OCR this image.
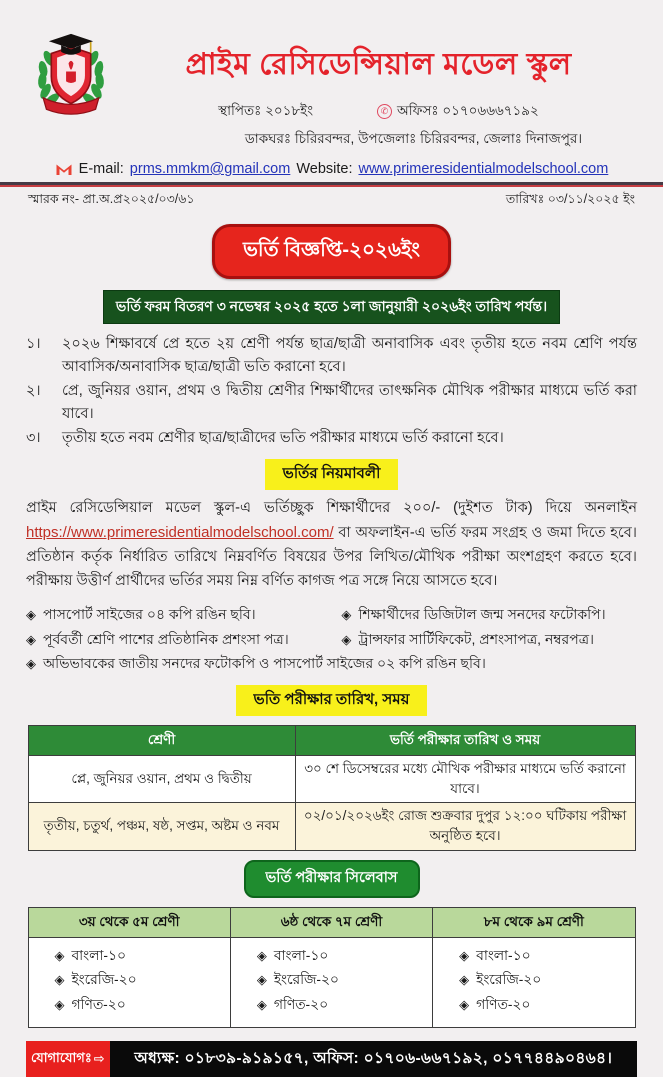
প্রাইম রেসিডেন্সিয়াল মডেল স্কুল
স্থাপিতঃ ২০১৮ইং	✆ অফিসঃ ০১৭০৬৬৬৭১৯২
ডাকঘরঃ চিরিরবন্দর, উপজেলাঃ চিরিরবন্দর, জেলাঃ দিনাজপুর।
E-mail: prms.mmkm@gmail.com Website: www.primeresidentialmodelschool.com
স্মারক নং- প্রা.অ.প্র২০২৫/০৩/৬১	তারিখঃ ০৩/১১/২০২৫ ইং
ভর্তি বিজ্ঞপ্তি-২০২৬ইং
ভর্তি ফরম বিতরণ ৩ নভেম্বর ২০২৫ হতে ১লা জানুয়ারী ২০২৬ইং তারিখ পর্যন্ত।
১।	২০২৬ শিক্ষাবর্ষে প্রে হতে ২য় শ্রেণী পর্যন্ত ছাত্র/ছাত্রী অনাবাসিক এবং তৃতীয় হতে নবম শ্রেণি পর্যন্ত আবাসিক/অনাবাসিক ছাত্র/ছাত্রী ভতি করানো হবে।
২।	প্রে, জুনিয়র ওয়ান, প্রথম ও দ্বিতীয় শ্রেণীর শিক্ষার্থীদের তাৎক্ষনিক মৌখিক পরীক্ষার মাধ্যমে ভর্তি করা যাবে।
৩।	তৃতীয় হতে নবম শ্রেণীর ছাত্র/ছাত্রীদের ভতি পরীক্ষার মাধ্যমে ভর্তি করানো হবে।
ভর্তির নিয়মাবলী
প্রাইম রেসিডেন্সিয়াল মডেল স্কুল-এ ভর্তিচ্ছুক শিক্ষার্থীদের ২০০/- (দুইশত টাক) দিয়ে অনলাইন https://www.primeresidentialmodelschool.com/ বা অফলাইন-এ ভর্তি ফরম সংগ্রহ ও জমা দিতে হবে। প্রতিষ্ঠান কর্তৃক নির্ধারিত তারিখে নিম্নবর্ণিত বিষয়ের উপর লিখিত/মৌখিক পরীক্ষা অংশগ্রহণ করতে হবে। পরীক্ষায় উত্তীর্ণ প্রার্থীদের ভর্তির সময় নিম্ন বর্ণিত কাগজ পত্র সঙ্গে নিয়ে আসতে হবে।
◈ পাসপোর্ট সাইজের ০৪ কপি রঙিন ছবি।	◈ শিক্ষার্থীদের ডিজিটাল জন্ম সনদের ফটোকপি।
◈ পূর্ববর্তী শ্রেণি পাশের প্রতিষ্ঠানিক প্রশংসা পত্র।	◈ ট্রান্সফার সার্টিফিকেট, প্রশংসাপত্র, নম্বরপত্র।
◈ অভিভাবকের জাতীয় সনদের ফটোকপি ও পাসপোর্ট সাইজের ০২ কপি রঙিন ছবি।
ভতি পরীক্ষার তারিখ, সময়
শ্রেণী	ভর্তি পরীক্ষার তারিখ ও সময়
প্লে, জুনিয়র ওয়ান, প্রথম ও দ্বিতীয়	৩০ শে ডিসেম্বরের মধ্যে মৌখিক পরীক্ষার মাধ্যমে ভর্তি করানো যাবে।
তৃতীয়, চতুর্থ, পঞ্চম, ষষ্ঠ, সপ্তম, অষ্টম ও নবম	০২/০১/২০২৬ইং রোজ শুক্রবার দুপুর ১২:০০ ঘটিকায় পরীক্ষা অনুষ্ঠিত হবে।
ভর্তি পরীক্ষার সিলেবাস
৩য় থেকে ৫ম শ্রেণী	৬ষ্ঠ থেকে ৭ম শ্রেণী	৮ম থেকে ৯ম শ্রেণী

◈ বাংলা-১০
◈ ইংরেজি-২০
◈ গণিত-২০

◈ বাংলা-১০
◈ ইংরেজি-২০
◈ গণিত-২০

◈ বাংলা-১০
◈ ইংরেজি-২০
◈ গণিত-২০
যোগাযোগঃ ⇨	অধ্যক্ষ: ০১৮৩৯-৯১৯১৫৭, অফিস: ০১৭০৬-৬৬৭১৯২, ০১৭৭৪৪৯০৪৬৪।
